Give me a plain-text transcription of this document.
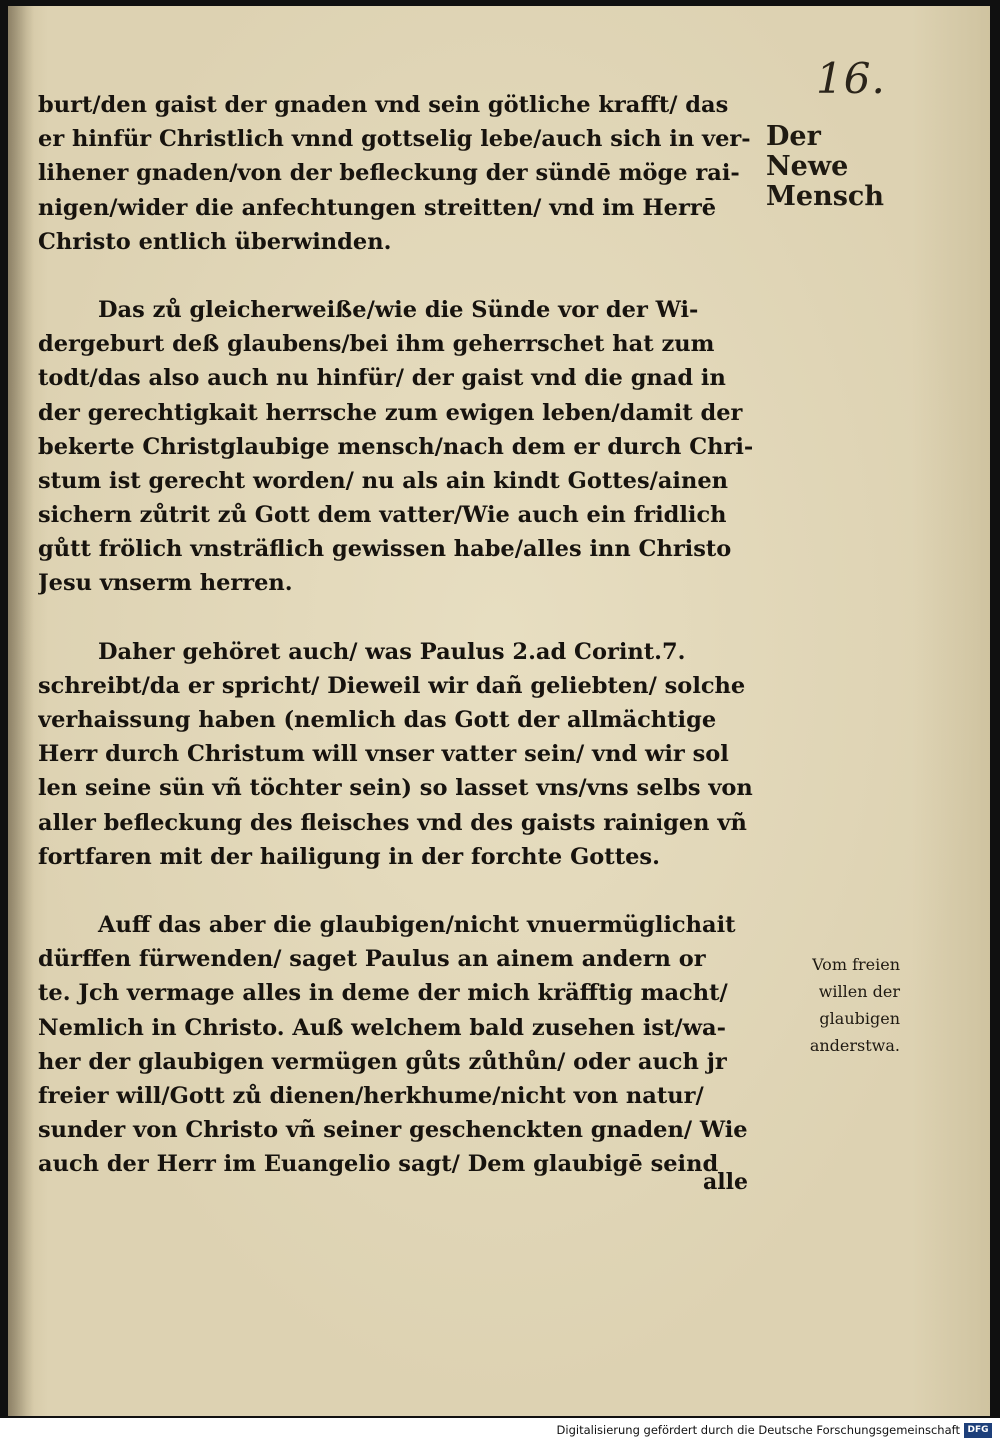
16.
burt/den gaist der gnaden vnd sein götliche krafft/ das
er hinfür Christlich vnnd gottselig lebe/auch sich in ver-
lihener gnaden/von der befleckung der sündē möge rai-
nigen/wider die anfechtungen streitten/ vnd im Herrē
Christo entlich überwinden.
Das zů gleicherweiße/wie die Sünde vor der Wi-
dergeburt deß glaubens/bei ihm geherrschet hat zum
todt/das also auch nu hinfür/ der gaist vnd die gnad in
der gerechtigkait herrsche zum ewigen leben/damit der
bekerte Christglaubige mensch/nach dem er durch Chri-
stum ist gerecht worden/ nu als ain kindt Gottes/ainen
sichern zůtrit zů Gott dem vatter/Wie auch ein fridlich
gůtt frölich vnsträflich gewissen habe/alles inn Christo
Jesu vnserm herren.
Daher gehöret auch/ was Paulus 2.ad Corint.7.
schreibt/da er spricht/ Dieweil wir dañ geliebten/ solche
verhaissung haben (nemlich das Gott der allmächtige
Herr durch Christum will vnser vatter sein/ vnd wir sol
len seine sün vñ töchter sein) so lasset vns/vns selbs von
aller befleckung des fleisches vnd des gaists rainigen vñ
fortfaren mit der hailigung in der forchte Gottes.
Auff das aber die glaubigen/nicht vnuermüglichait
dürffen fürwenden/ saget Paulus an ainem andern or
te. Jch vermage alles in deme der mich kräfftig macht/
Nemlich in Christo. Auß welchem bald zusehen ist/wa-
her der glaubigen vermügen gůts zůthůn/ oder auch jr
freier will/Gott zů dienen/herkhume/nicht von natur/
sunder von Christo vñ seiner geschenckten gnaden/ Wie
auch der Herr im Euangelio sagt/ Dem glaubigē seind
Der
Newe
Mensch
Vom freien
willen der
glaubigen
anderstwa.
alle
Digitalisierung gefördert durch die Deutsche Forschungsgemeinschaft DFG
